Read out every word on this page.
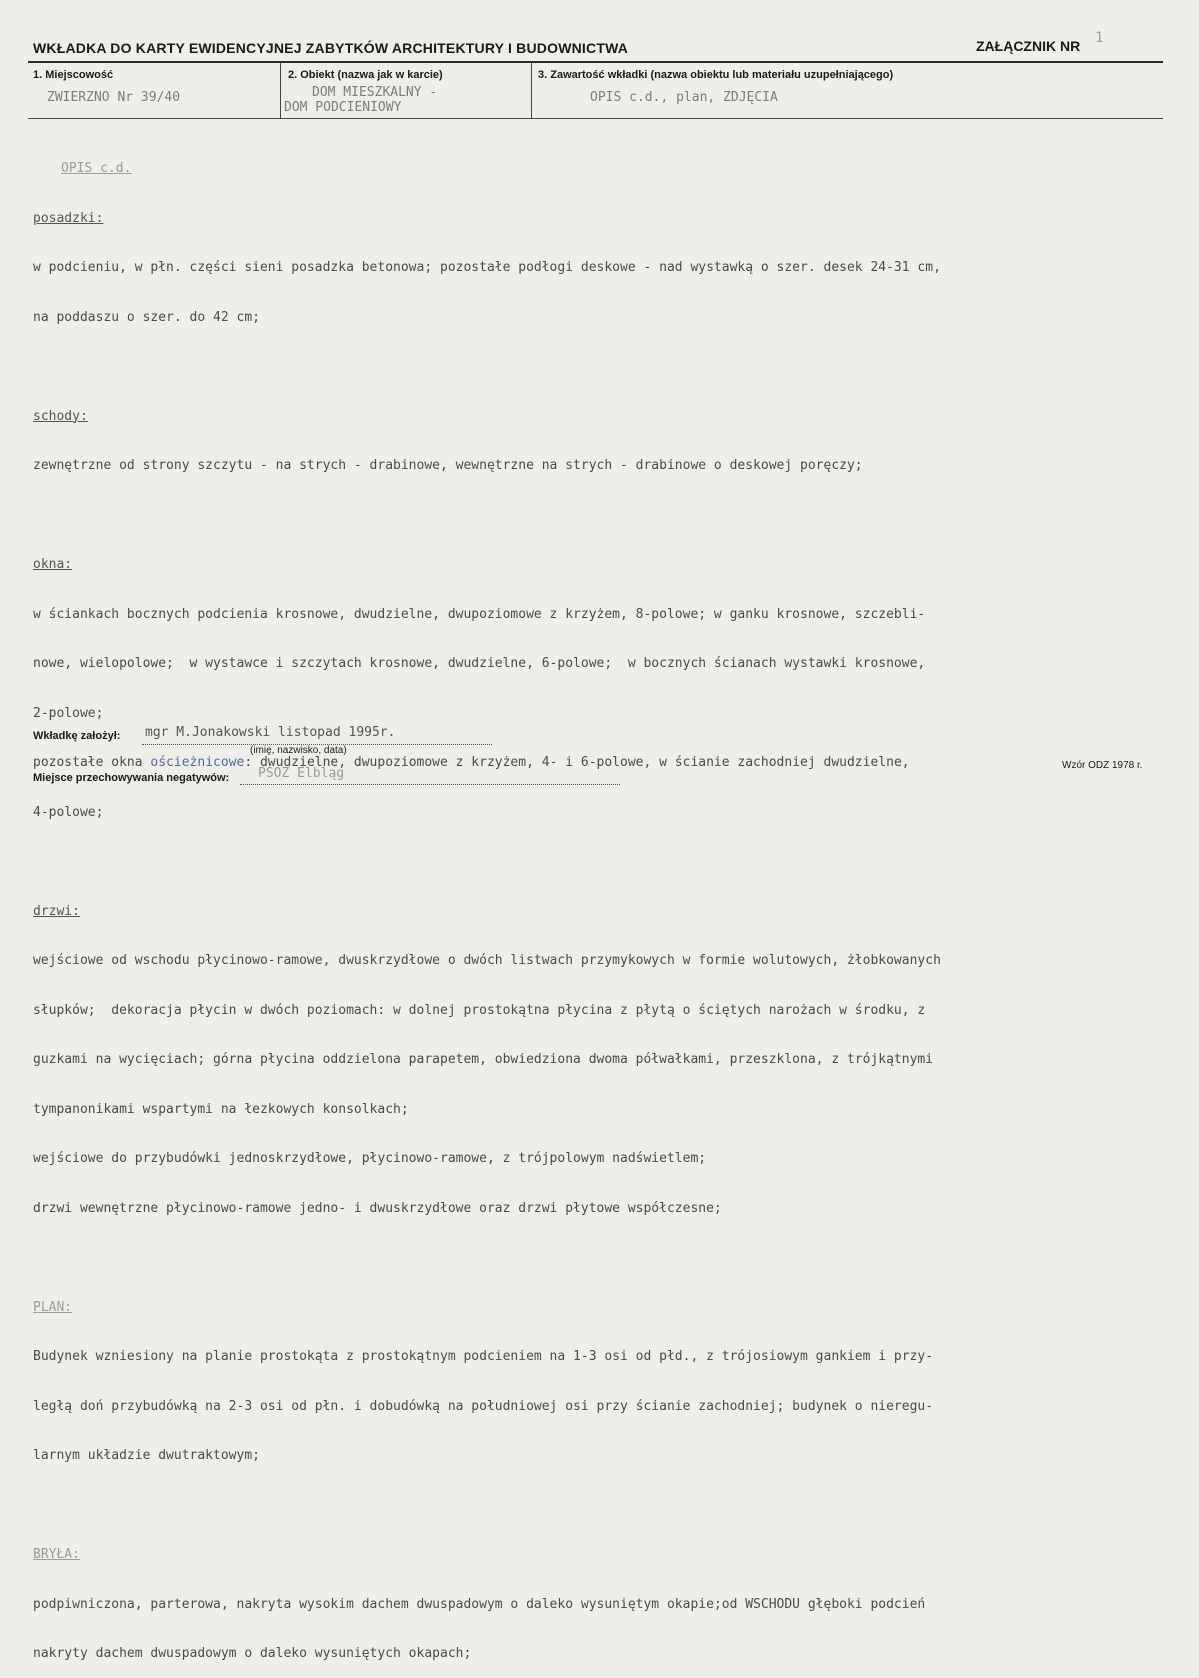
WKŁADKA DO KARTY EWIDENCYJNEJ ZABYTKÓW ARCHITEKTURY I BUDOWNICTWA	ZAŁĄCZNIK NR 1
1. Miejscowość
ZWIERZNO Nr 39/40
2. Obiekt (nazwa jak w karcie)
DOM MIESZKALNY -
DOM PODCIENIOWY
3. Zawartość wkładki (nazwa obiektu lub materiału uzupełniającego)
OPIS c.d., plan, ZDJĘCIA

OPIS c.d.

posadzki:

w podcieniu, w płn. części sieni posadzka betonowa; pozostałe podłogi deskowe - nad wystawką o szer. desek 24-31 cm,

na poddaszu o szer. do 42 cm;

schody:

zewnętrzne od strony szczytu - na strych - drabinowe, wewnętrzne na strych - drabinowe o deskowej poręczy;

okna:

w ściankach bocznych podcienia krosnowe, dwudzielne, dwupoziomowe z krzyżem, 8-polowe; w ganku krosnowe, szczebli-

nowe, wielopolowe;  w wystawce i szczytach krosnowe, dwudzielne, 6-polowe;  w bocznych ścianach wystawki krosnowe,

2-polowe;

pozostałe okna ościeżnicowe: dwudzielne, dwupoziomowe z krzyżem, 4- i 6-polowe, w ścianie zachodniej dwudzielne,

4-polowe;

drzwi:

wejściowe od wschodu płycinowo-ramowe, dwuskrzydłowe o dwóch listwach przymykowych w formie wolutowych, żłobkowanych

słupków;  dekoracja płycin w dwóch poziomach: w dolnej prostokątna płycina z płytą o ściętych narożach w środku, z

guzkami na wycięciach; górna płycina oddzielona parapetem, obwiedziona dwoma półwałkami, przeszklona, z trójkątnymi

tympanonikami wspartymi na łezkowych konsolkach;

wejściowe do przybudówki jednoskrzydłowe, płycinowo-ramowe, z trójpolowym nadświetlem;

drzwi wewnętrzne płycinowo-ramowe jedno- i dwuskrzydłowe oraz drzwi płytowe współczesne;

PLAN:

Budynek wzniesiony na planie prostokąta z prostokątnym podcieniem na 1-3 osi od płd., z trójosiowym gankiem i przy-

ległą doń przybudówką na 2-3 osi od płn. i dobudówką na południowej osi przy ścianie zachodniej; budynek o nieregu-

larnym układzie dwutraktowym;

BRYŁA:

podpiwniczona, parterowa, nakryta wysokim dachem dwuspadowym o daleko wysuniętym okapie;od WSCHODU głęboki podcień

nakryty dachem dwuspadowym o daleko wysuniętych okapach;

Wkładkę założył: mgr M.Jonakowski listopad 1995r.
(imię, nazwisko, data)
Miejsce przechowywania negatywów: PSOZ Elbląg
Wzór ODZ 1978 r.
